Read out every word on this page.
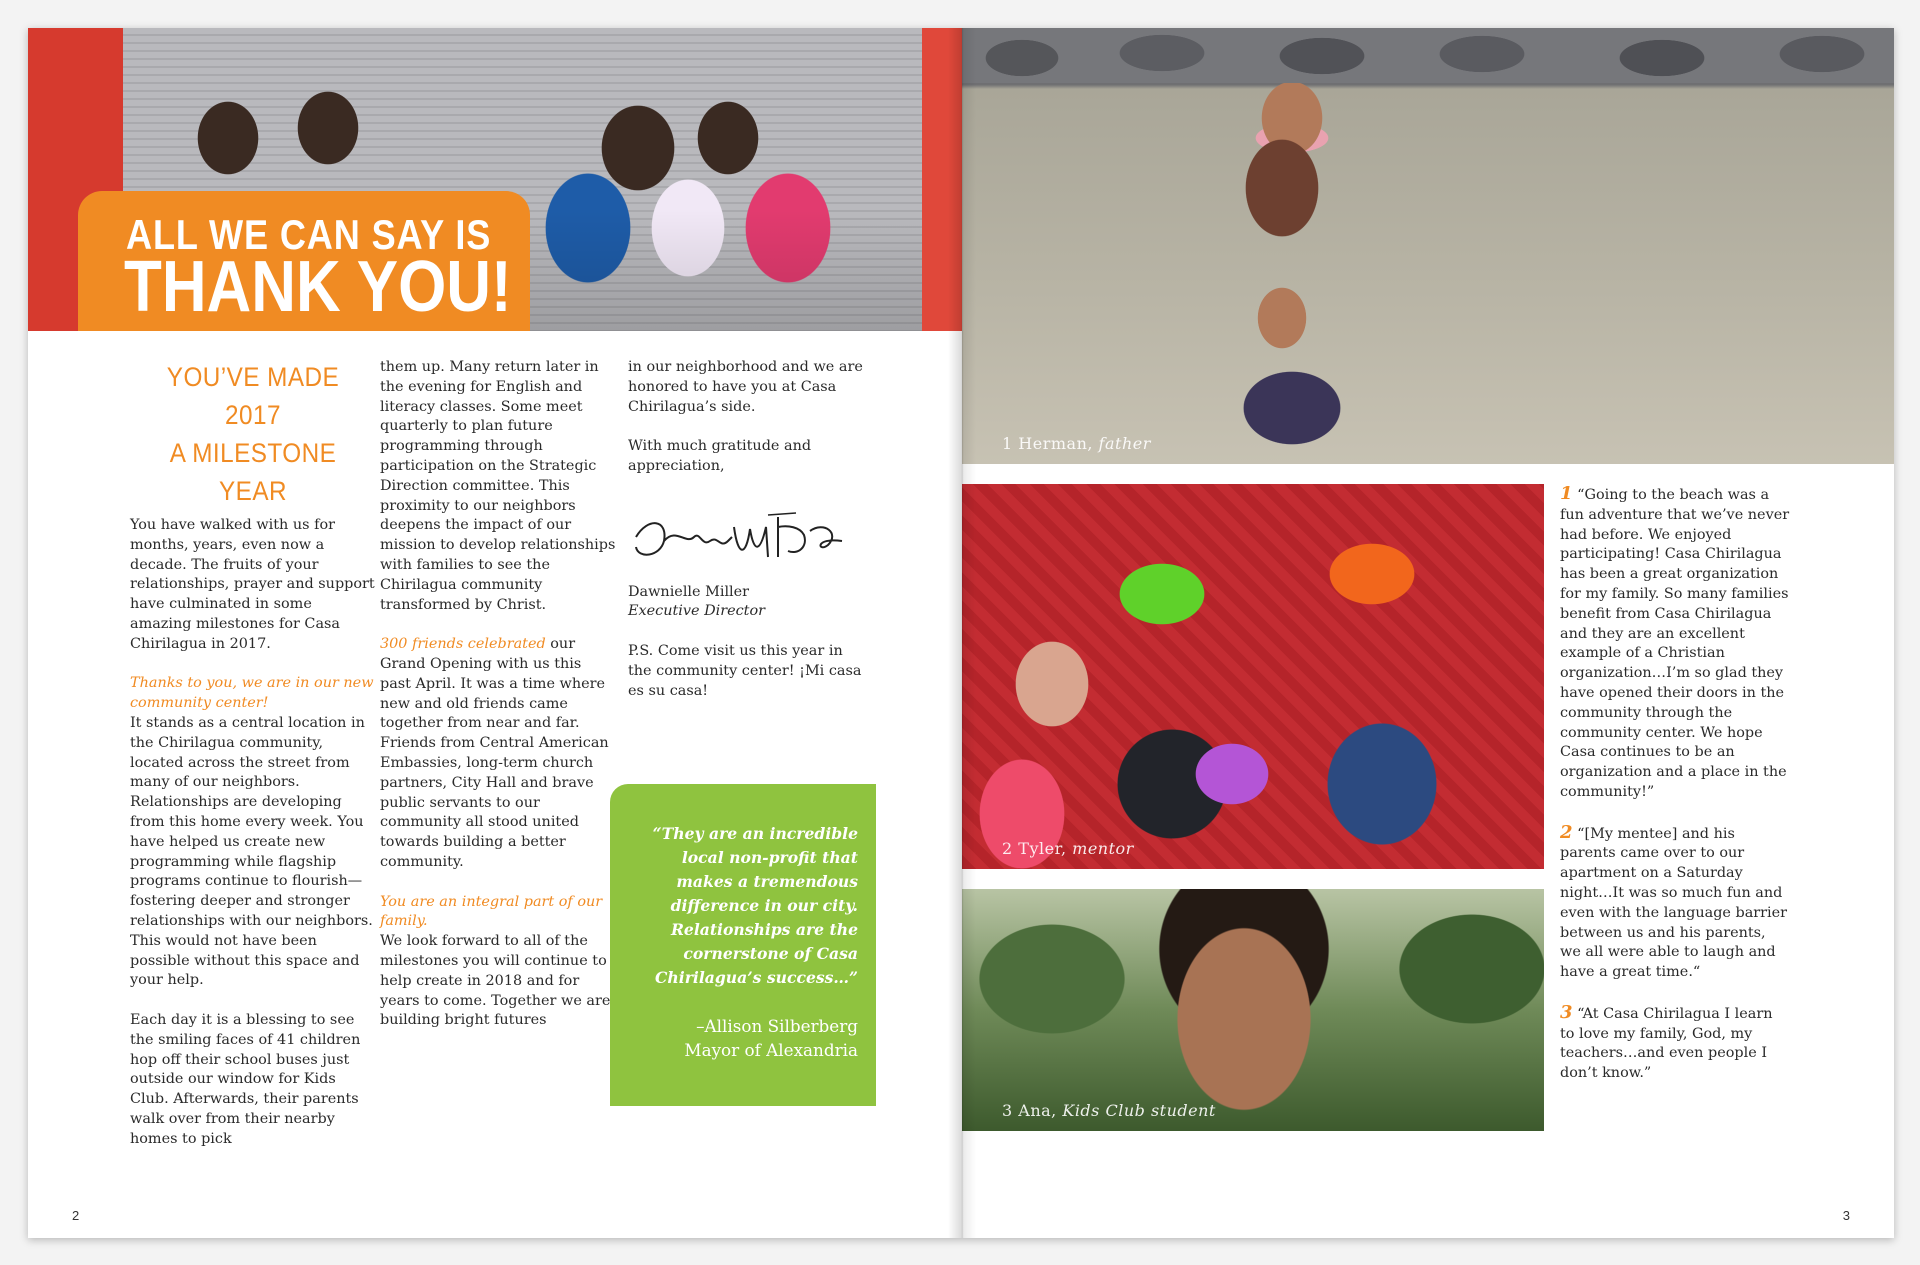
ALL WE CAN SAY IS
THANK YOU!
YOU’VE MADE 2017
A MILESTONE YEAR

You have walked with us for months, years, even now a decade. The fruits of your relationships, prayer and support have culminated in some amazing milestones for Casa Chirilagua in 2017.

Thanks to you, we are in our new community center!
It stands as a central location in the Chirilagua community, located across the street from many of our neighbors. Relationships are developing from this home every week. You have helped us create new programming while flagship programs continue to flourish—fostering deeper and stronger relationships with our neighbors. This would not have been possible without this space and your help.

Each day it is a blessing to see the smiling faces of 41 children hop off their school buses just outside our window for Kids Club. Afterwards, their parents walk over from their nearby homes to pick

them up. Many return later in the evening for English and literacy classes. Some meet quarterly to plan future programming through participation on the Strategic Direction committee. This proximity to our neighbors deepens the impact of our mission to develop relationships with families to see the Chirilagua community transformed by Christ.

300 friends celebrated our Grand Opening with us this past April. It was a time where new and old friends came together from near and far. Friends from Central American Embassies, long-term church partners, City Hall and brave public servants to our community all stood united towards building a better community.

You are an integral part of our family.
We look forward to all of the milestones you will continue to help create in 2018 and for years to come. Together we are building bright futures

in our neighborhood and we are honored to have you at Casa Chirilagua’s side.

With much gratitude and appreciation,

Dawnielle Miller
Executive Director

P.S. Come visit us this year in the community center! ¡Mi casa es su casa!

“They are an incredible local non-profit that makes a tremendous difference in our city. Relationships are the cornerstone of Casa Chirilagua’s success…”
–Allison Silberberg
Mayor of Alexandria
2
1 Herman, father
2 Tyler, mentor
3 Ana, Kids Club student

1 “Going to the beach was a fun adventure that we’ve never had before. We enjoyed participating! Casa Chirilagua has been a great organization for my family. So many families benefit from Casa Chirilagua and they are an excellent example of a Christian organization…I’m so glad they have opened their doors in the community through the community center. We hope Casa continues to be an organization and a place in the community!”

2 “[My mentee] and his parents came over to our apartment on a Saturday night…It was so much fun and even with the language barrier between us and his parents, we all were able to laugh and have a great time.“

3 “At Casa Chirilagua I learn to love my family, God, my teachers…and even people I don’t know.”

3
